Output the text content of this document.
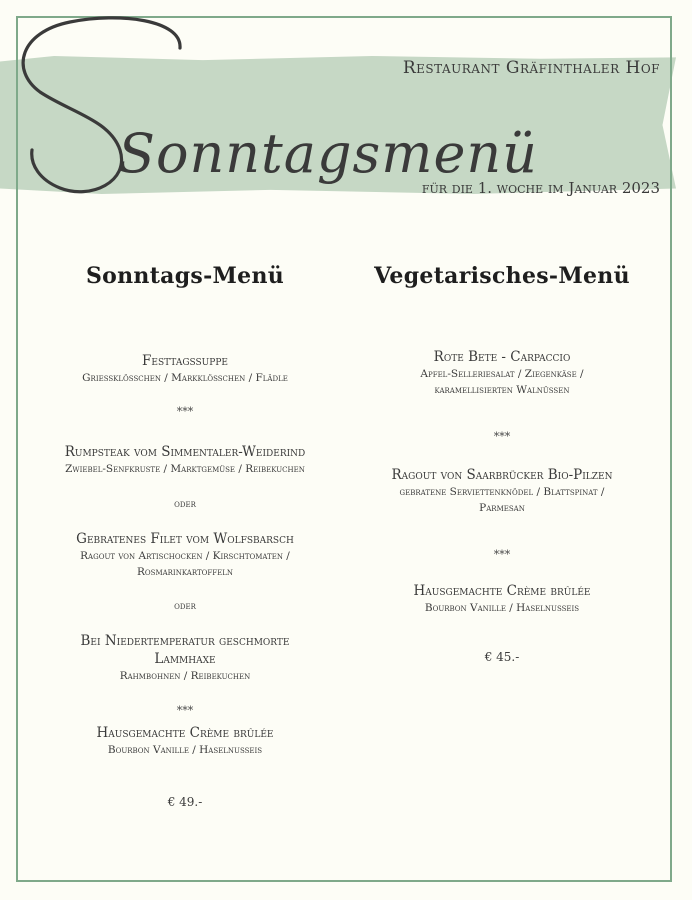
Restaurant Gräfinthaler Hof
Sonntagsmenü
für die 1. woche im Januar 2023
Sonntags-Menü	Vegetarisches-Menü
Festtagssuppe
Griessklösschen / Markklösschen / Flädle
***
Rumpsteak vom Simmentaler-Weiderind
Zwiebel-Senfkruste / Marktgemüse / Reibekuchen
oder
Gebratenes Filet vom Wolfsbarsch
Ragout von Artischocken / Kirschtomaten /
Rosmarinkartoffeln
oder
Bei Niedertemperatur geschmorte
Lammhaxe
Rahmbohnen / Reibekuchen
***
Hausgemachte Crème brûlée
Bourbon Vanille / Haselnusseis
€ 49.-
Rote Bete - Carpaccio
Apfel-Selleriesalat / Ziegenkäse /
karamellisierten Walnüssen
***
Ragout von Saarbrücker Bio-Pilzen
gebratene Serviettenknödel / Blattspinat /
Parmesan
***
Hausgemachte Crème brûlée
Bourbon Vanille / Haselnusseis
€ 45.-
